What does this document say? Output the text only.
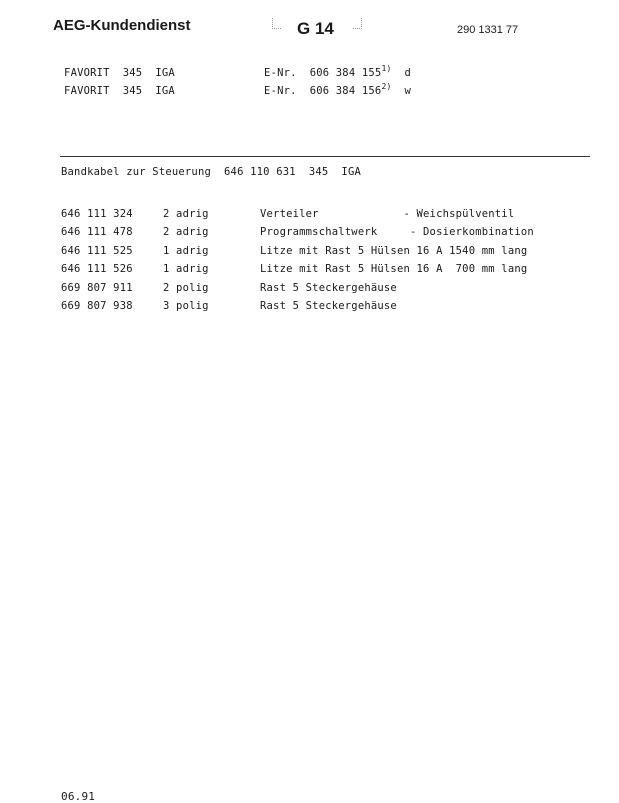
AEG-Kundendienst	G 14	290 1331 77

FAVORIT  345  IGA	E-Nr. 606 384 155$^{1)}$ d

FAVORIT  345  IGA	E-Nr. 606 384 156$^{2)}$ w

Bandkabel zur Steuerung  646 110 631  345  IGA
646 111 324	2 adrig	Verteiler             - Weichspülventil
646 111 478	2 adrig	Programmschaltwerk     - Dosierkombination
646 111 525	1 adrig	Litze mit Rast 5 Hülsen 16 A 1540 mm lang
646 111 526	1 adrig	Litze mit Rast 5 Hülsen 16 A  700 mm lang
669 807 911	2 polig	Rast 5 Steckergehäuse
669 807 938	3 polig	Rast 5 Steckergehäuse
06.91
